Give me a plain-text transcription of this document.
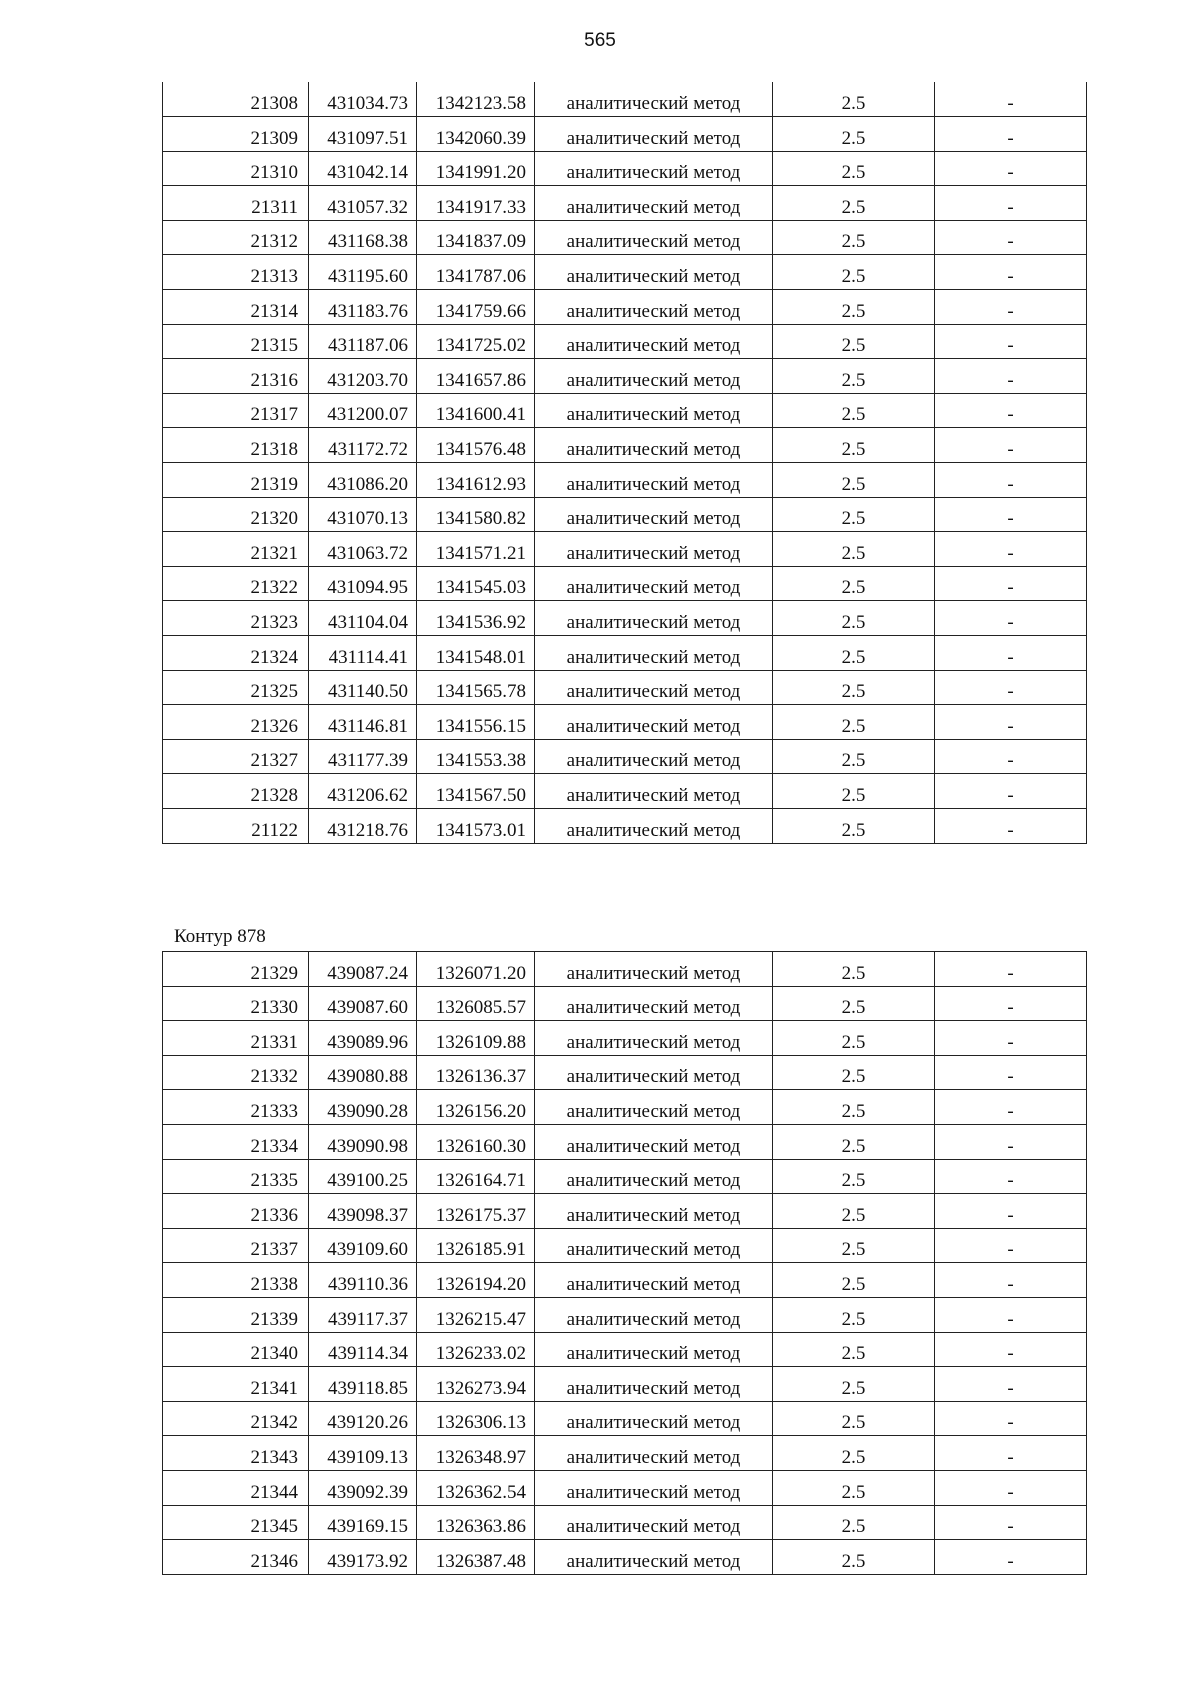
565
21308	431034.73	1342123.58	аналитический метод	2.5	-
21309	431097.51	1342060.39	аналитический метод	2.5	-
21310	431042.14	1341991.20	аналитический метод	2.5	-
21311	431057.32	1341917.33	аналитический метод	2.5	-
21312	431168.38	1341837.09	аналитический метод	2.5	-
21313	431195.60	1341787.06	аналитический метод	2.5	-
21314	431183.76	1341759.66	аналитический метод	2.5	-
21315	431187.06	1341725.02	аналитический метод	2.5	-
21316	431203.70	1341657.86	аналитический метод	2.5	-
21317	431200.07	1341600.41	аналитический метод	2.5	-
21318	431172.72	1341576.48	аналитический метод	2.5	-
21319	431086.20	1341612.93	аналитический метод	2.5	-
21320	431070.13	1341580.82	аналитический метод	2.5	-
21321	431063.72	1341571.21	аналитический метод	2.5	-
21322	431094.95	1341545.03	аналитический метод	2.5	-
21323	431104.04	1341536.92	аналитический метод	2.5	-
21324	431114.41	1341548.01	аналитический метод	2.5	-
21325	431140.50	1341565.78	аналитический метод	2.5	-
21326	431146.81	1341556.15	аналитический метод	2.5	-
21327	431177.39	1341553.38	аналитический метод	2.5	-
21328	431206.62	1341567.50	аналитический метод	2.5	-
21122	431218.76	1341573.01	аналитический метод	2.5	-
Контур 878
21329	439087.24	1326071.20	аналитический метод	2.5	-
21330	439087.60	1326085.57	аналитический метод	2.5	-
21331	439089.96	1326109.88	аналитический метод	2.5	-
21332	439080.88	1326136.37	аналитический метод	2.5	-
21333	439090.28	1326156.20	аналитический метод	2.5	-
21334	439090.98	1326160.30	аналитический метод	2.5	-
21335	439100.25	1326164.71	аналитический метод	2.5	-
21336	439098.37	1326175.37	аналитический метод	2.5	-
21337	439109.60	1326185.91	аналитический метод	2.5	-
21338	439110.36	1326194.20	аналитический метод	2.5	-
21339	439117.37	1326215.47	аналитический метод	2.5	-
21340	439114.34	1326233.02	аналитический метод	2.5	-
21341	439118.85	1326273.94	аналитический метод	2.5	-
21342	439120.26	1326306.13	аналитический метод	2.5	-
21343	439109.13	1326348.97	аналитический метод	2.5	-
21344	439092.39	1326362.54	аналитический метод	2.5	-
21345	439169.15	1326363.86	аналитический метод	2.5	-
21346	439173.92	1326387.48	аналитический метод	2.5	-
